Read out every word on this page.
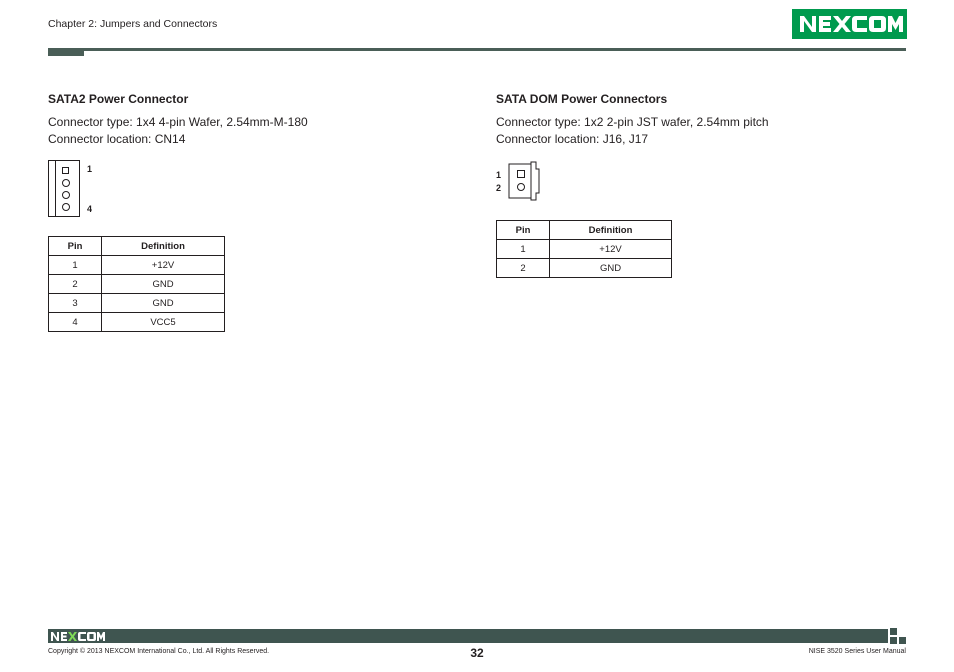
Chapter 2: Jumpers and Connectors
SATA2 Power Connector
Connector type: 1x4 4-pin Wafer, 2.54mm-M-180
Connector location: CN14
1
4
Pin	Definition
1	+12V
2	GND
3	GND
4	VCC5
SATA DOM Power Connectors
Connector type: 1x2 2-pin JST wafer, 2.54mm pitch
Connector location: J16, J17
1
2
Pin	Definition
1	+12V
2	GND
Copyright © 2013 NEXCOM International Co., Ltd. All Rights Reserved.	32	NISE 3520 Series User Manual
